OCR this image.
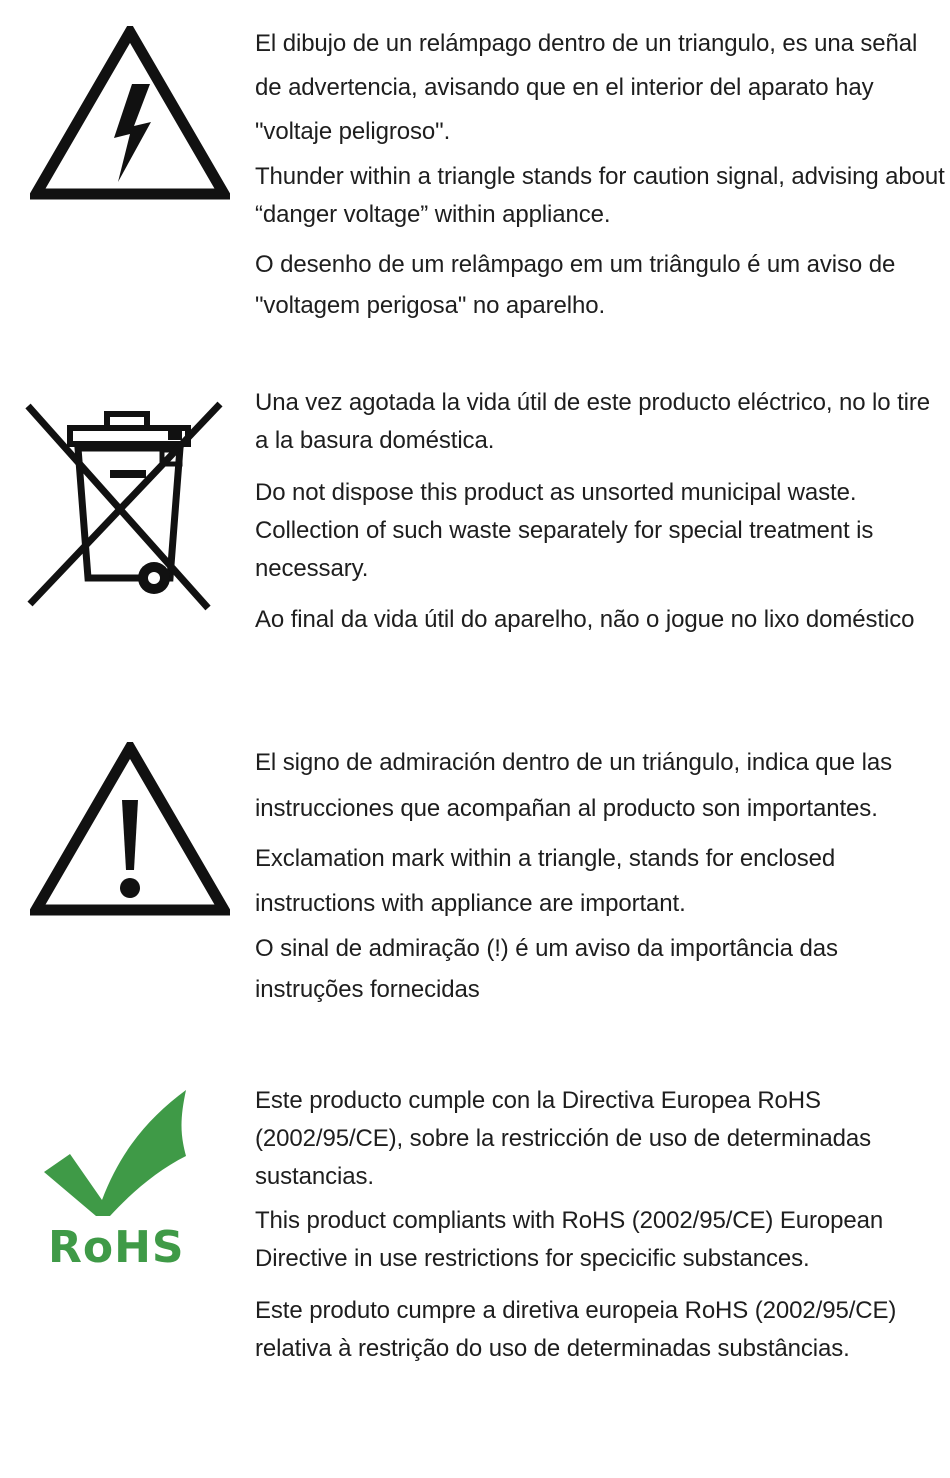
El dibujo de un relámpago dentro de un triangulo, es una señal de advertencia, avisando que en el interior del aparato hay "voltaje peligroso".

Thunder within a triangle stands for caution signal, advising about “danger voltage” within appliance.

O desenho de um relâmpago em um triângulo é um aviso de "voltagem perigosa" no aparelho.

Una vez agotada la vida útil de este producto eléctrico, no lo tire a la basura doméstica.

Do not dispose this product as unsorted municipal waste. Collection of such waste separately for special treatment is necessary.

Ao final da vida útil do aparelho, não o jogue no lixo doméstico

El signo de admiración dentro de un triángulo, indica que las instrucciones que acompañan al producto son importantes.

Exclamation mark within a triangle, stands for enclosed instructions with appliance are important.

O sinal de admiração (!) é um aviso da importância das instruções fornecidas

RoHS

Este producto cumple con la Directiva Europea RoHS (2002/95/CE), sobre la restricción de uso de determinadas sustancias.

This product compliants with RoHS (2002/95/CE) European Directive in use restrictions for specicific substances.

Este produto cumpre a diretiva europeia RoHS (2002/95/CE) relativa à restrição do uso de determinadas substâncias.
